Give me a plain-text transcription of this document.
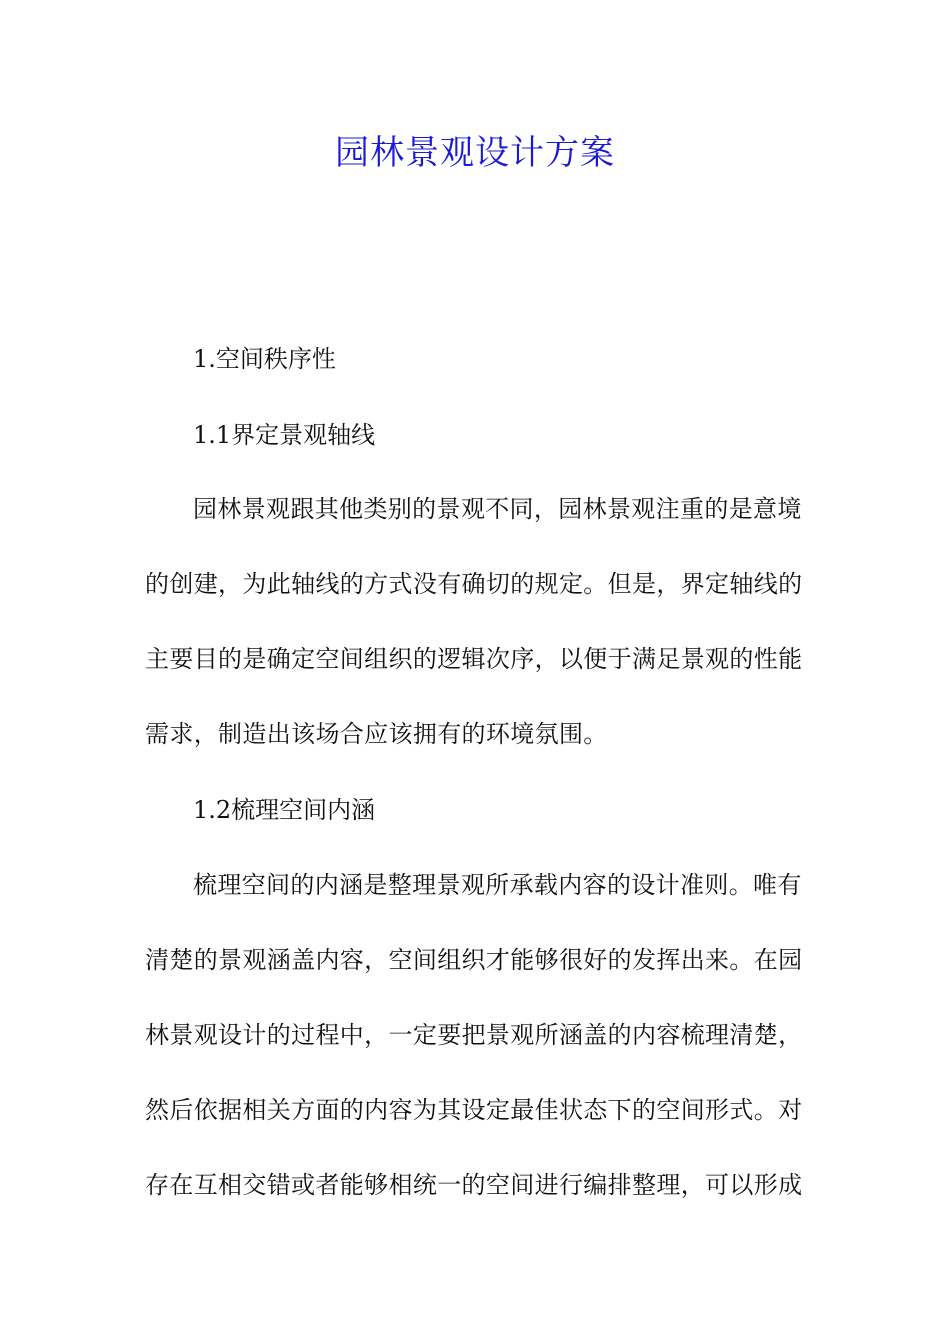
园林景观设计方案

1.空间秩序性

1.1界定景观轴线

园林景观跟其他类别的景观不同，园林景观注重的是意境
的创建，为此轴线的方式没有确切的规定。但是，界定轴线的
主要目的是确定空间组织的逻辑次序，以便于满足景观的性能
需求，制造出该场合应该拥有的环境氛围。

1.2梳理空间内涵

梳理空间的内涵是整理景观所承载内容的设计准则。唯有
清楚的景观涵盖内容，空间组织才能够很好的发挥出来。在园
林景观设计的过程中，一定要把景观所涵盖的内容梳理清楚，
然后依据相关方面的内容为其设定最佳状态下的空间形式。对
存在互相交错或者能够相统一的空间进行编排整理，可以形成
